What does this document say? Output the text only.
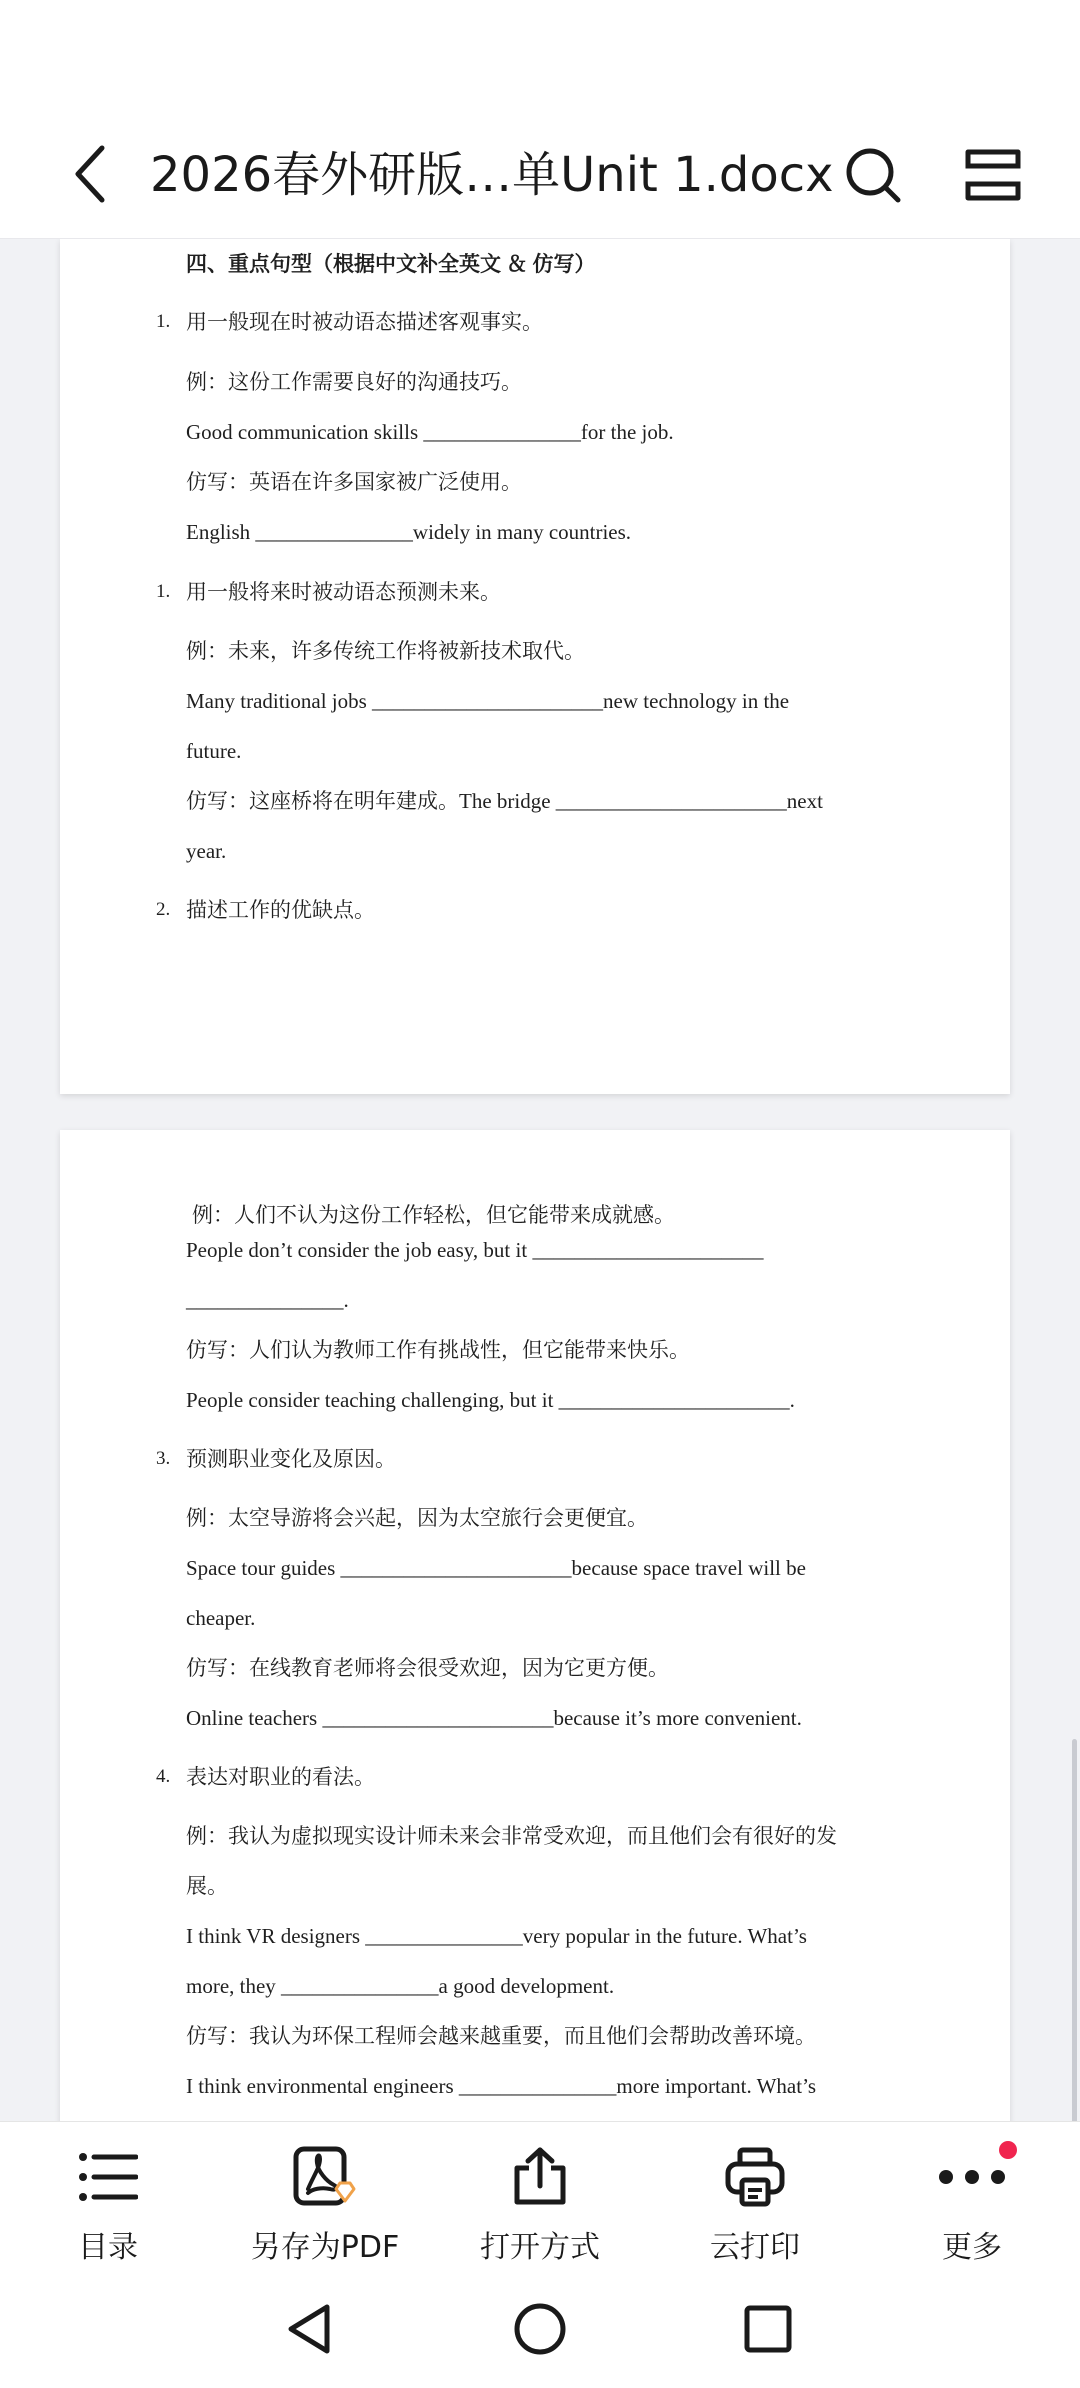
2026春外研版…单Unit 1.docx
四、重点句型（根据中文补全英文 ＆ 仿写）
1. 用一般现在时被动语态描述客观事实。
例：这份工作需要良好的沟通技巧。
Good communication skills _______________for the job.
仿写：英语在许多国家被广泛使用。
English _______________widely in many countries.
1. 用一般将来时被动语态预测未来。
例：未来，许多传统工作将被新技术取代。
Many traditional jobs ______________________new technology in the
future.
仿写：这座桥将在明年建成。The bridge ______________________next
year.
2. 描述工作的优缺点。
例：人们不认为这份工作轻松，但它能带来成就感。
People don’t consider the job easy, but it ______________________
_______________.
仿写：人们认为教师工作有挑战性，但它能带来快乐。
People consider teaching challenging, but it ______________________.
3. 预测职业变化及原因。
例：太空导游将会兴起，因为太空旅行会更便宜。
Space tour guides ______________________because space travel will be
cheaper.
仿写：在线教育老师将会很受欢迎，因为它更方便。
Online teachers ______________________because it’s more convenient.
4. 表达对职业的看法。
例：我认为虚拟现实设计师未来会非常受欢迎，而且他们会有很好的发
展。
I think VR designers _______________very popular in the future. What’s
more, they _______________a good development.
仿写：我认为环保工程师会越来越重要，而且他们会帮助改善环境。
I think environmental engineers _______________more important. What’s
目录	另存为PDF	打开方式	云打印	更多
